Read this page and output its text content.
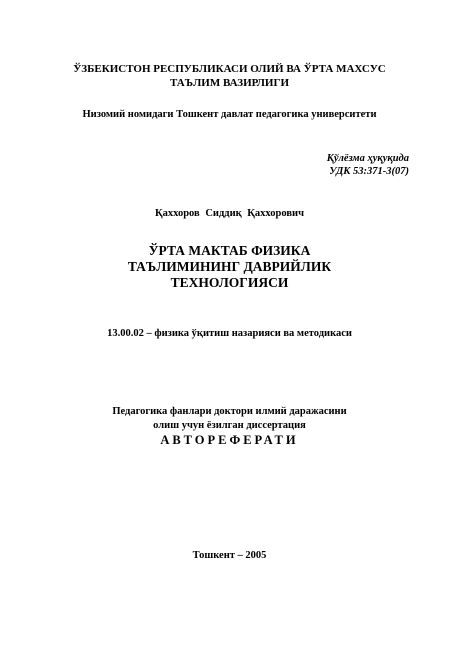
ЎЗБЕКИСТОН РЕСПУБЛИКАСИ ОЛИЙ ВА ЎРТА МАХСУС
ТАЪЛИМ ВАЗИРЛИГИ
Низомий номидаги Тошкент давлат педагогика университети
Қўлёзма ҳуқуқида
УДК 53:371-3(07)
Қаххоров Сиддиқ Қаххорович
ЎРТА МАКТАБ ФИЗИКА
ТАЪЛИМИНИНГ ДАВРИЙЛИК
ТЕХНОЛОГИЯСИ
13.00.02 – физика ўқитиш назарияси ва методикаси
Педагогика фанлари доктори илмий даражасини
олиш учун ёзилган диссертация
АВТОРЕФЕРАТИ
Тошкент – 2005
